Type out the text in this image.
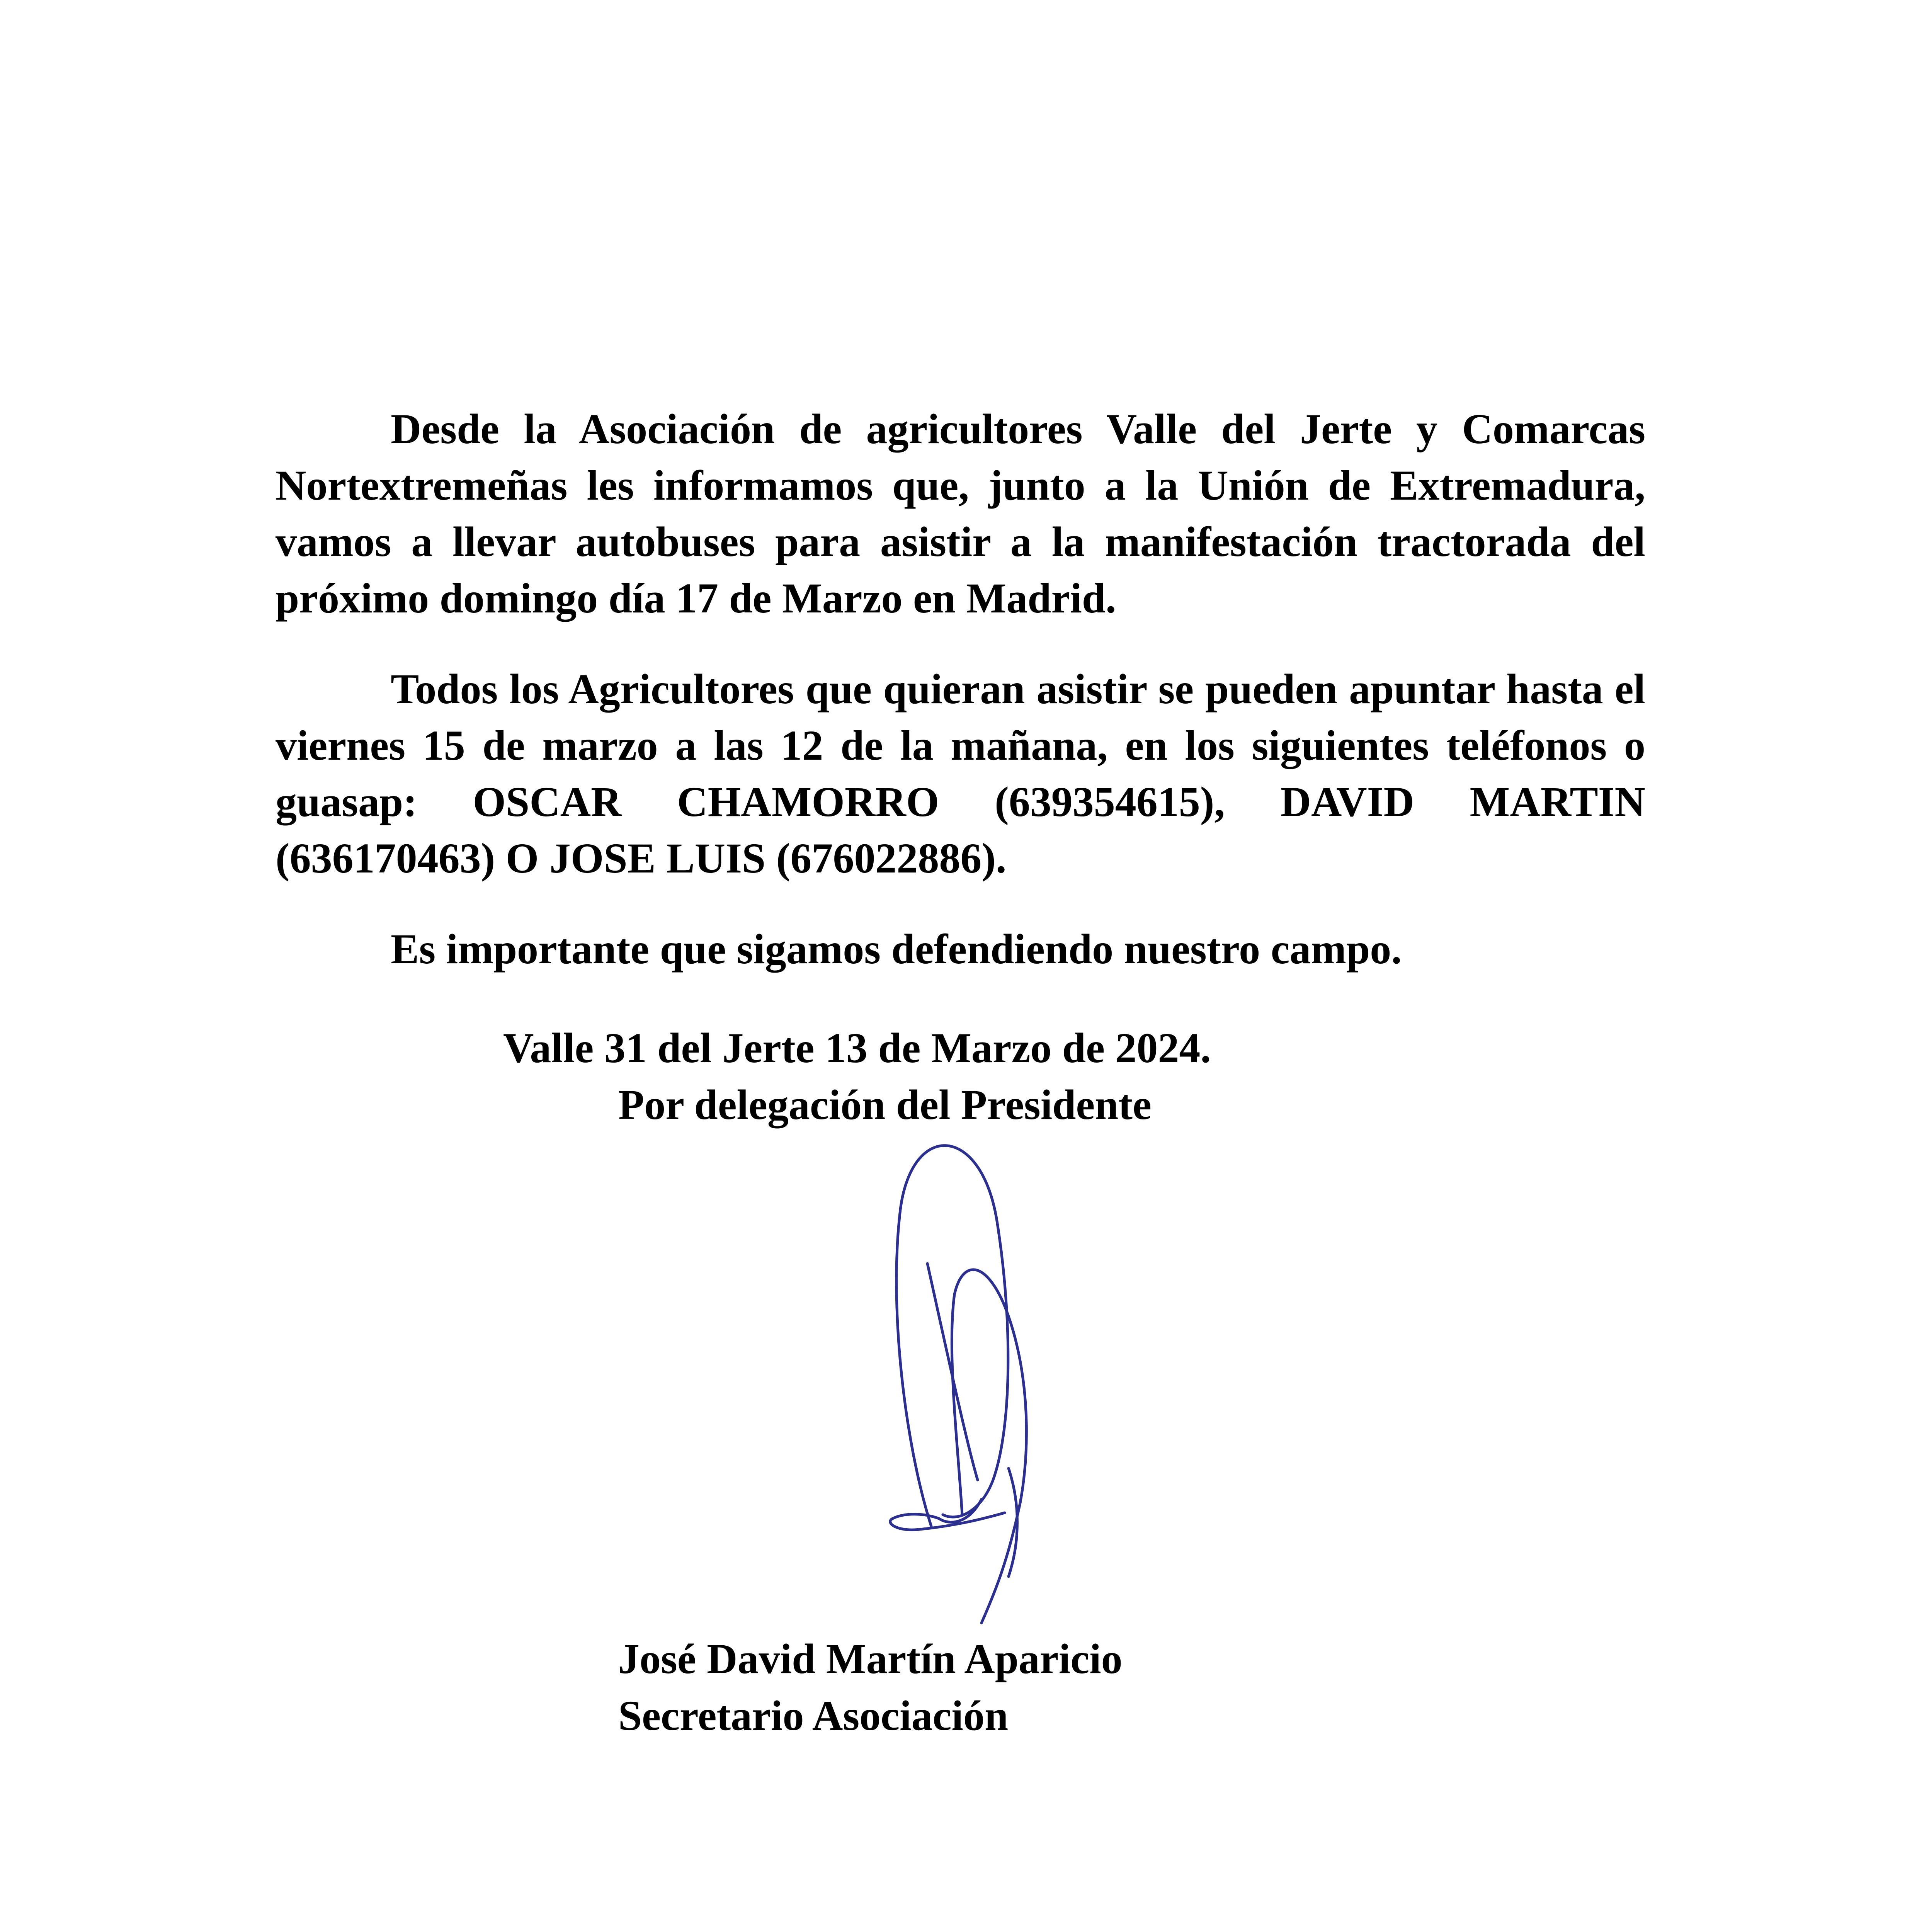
Desde la Asociación de agricultores Valle del Jerte y Comarcas Nortextremeñas les informamos que, junto a la Unión de Extremadura, vamos a llevar autobuses para asistir a la manifestación tractorada del próximo domingo día 17 de Marzo en Madrid.

Todos los Agricultores que quieran asistir se pueden apuntar hasta el viernes 15 de marzo a las 12 de la mañana, en los siguientes teléfonos o guasap: OSCAR CHAMORRO (639354615), DAVID MARTIN (636170463) O JOSE LUIS (676022886).

Es importante que sigamos defendiendo nuestro campo.

Valle 31 del Jerte 13 de Marzo de 2024.

Por delegación del Presidente

José David Martín Aparicio

Secretario Asociación
